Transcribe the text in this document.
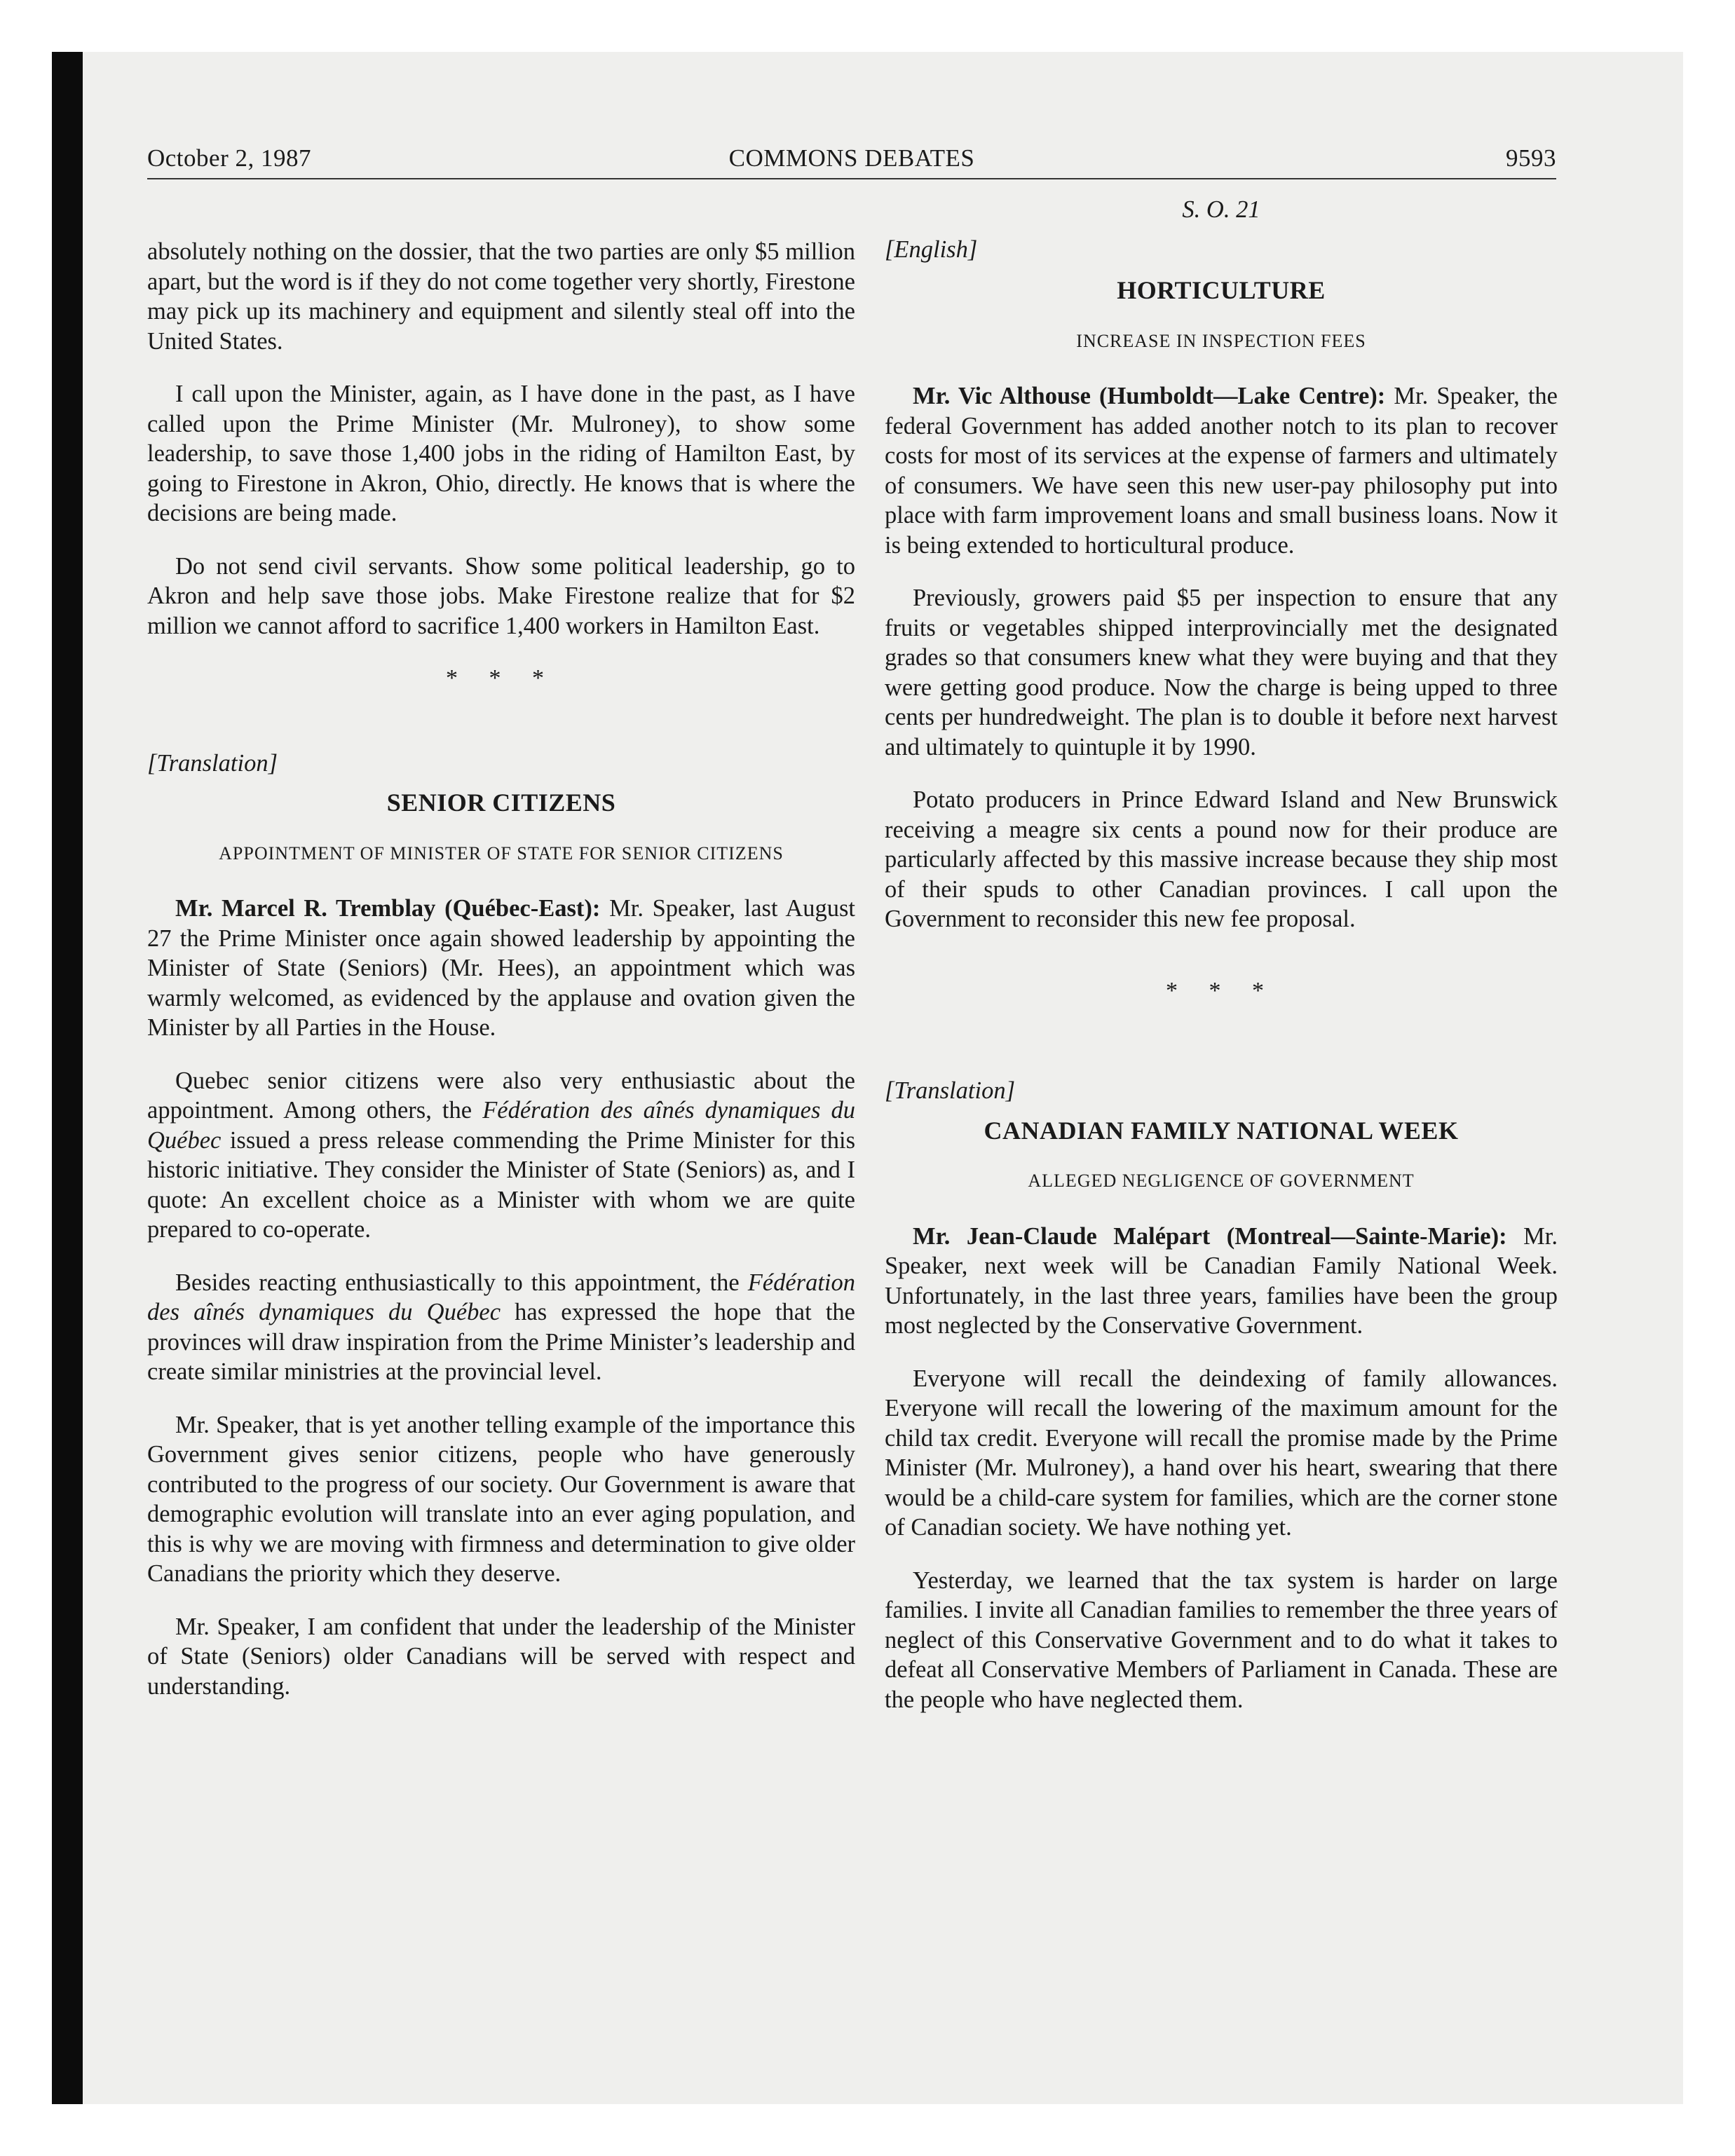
October 2, 1987	COMMONS DEBATES	9593

absolutely nothing on the dossier, that the two parties are only $5 million apart, but the word is if they do not come together very shortly, Firestone may pick up its machinery and equipment and silently steal off into the United States.

I call upon the Minister, again, as I have done in the past, as I have called upon the Prime Minister (Mr. Mulroney), to show some leadership, to save those 1,400 jobs in the riding of Hamilton East, by going to Firestone in Akron, Ohio, directly. He knows that is where the decisions are being made.

Do not send civil servants. Show some political leadership, go to Akron and help save those jobs. Make Firestone realize that for $2 million we cannot afford to sacrifice 1,400 workers in Hamilton East.

* * *

[Translation]

SENIOR CITIZENS
APPOINTMENT OF MINISTER OF STATE FOR SENIOR CITIZENS

Mr. Marcel R. Tremblay (Québec-East): Mr. Speaker, last August 27 the Prime Minister once again showed leadership by appointing the Minister of State (Seniors) (Mr. Hees), an appointment which was warmly welcomed, as evidenced by the applause and ovation given the Minister by all Parties in the House.

Quebec senior citizens were also very enthusiastic about the appointment. Among others, the Fédération des aînés dynamiques du Québec issued a press release commending the Prime Minister for this historic initiative. They consider the Minister of State (Seniors) as, and I quote: An excellent choice as a Minister with whom we are quite prepared to co-operate.

Besides reacting enthusiastically to this appointment, the Fédération des aînés dynamiques du Québec has expressed the hope that the provinces will draw inspiration from the Prime Minister’s leadership and create similar ministries at the provincial level.

Mr. Speaker, that is yet another telling example of the importance this Government gives senior citizens, people who have generously contributed to the progress of our society. Our Government is aware that demographic evolution will translate into an ever aging population, and this is why we are moving with firmness and determination to give older Canadians the priority which they deserve.

Mr. Speaker, I am confident that under the leadership of the Minister of State (Seniors) older Canadians will be served with respect and understanding.

S. O. 21

[English]

HORTICULTURE
INCREASE IN INSPECTION FEES

Mr. Vic Althouse (Humboldt—Lake Centre): Mr. Speaker, the federal Government has added another notch to its plan to recover costs for most of its services at the expense of farmers and ultimately of consumers. We have seen this new user-pay philosophy put into place with farm improvement loans and small business loans. Now it is being extended to horticultural produce.

Previously, growers paid $5 per inspection to ensure that any fruits or vegetables shipped interprovincially met the designated grades so that consumers knew what they were buying and that they were getting good produce. Now the charge is being upped to three cents per hundredweight. The plan is to double it before next harvest and ultimately to quintuple it by 1990.

Potato producers in Prince Edward Island and New Brunswick receiving a meagre six cents a pound now for their produce are particularly affected by this massive increase because they ship most of their spuds to other Canadian provinces. I call upon the Government to reconsider this new fee proposal.

* * *

[Translation]

CANADIAN FAMILY NATIONAL WEEK
ALLEGED NEGLIGENCE OF GOVERNMENT

Mr. Jean-Claude Malépart (Montreal—Sainte-Marie): Mr. Speaker, next week will be Canadian Family National Week. Unfortunately, in the last three years, families have been the group most neglected by the Conservative Government.

Everyone will recall the deindexing of family allowances. Everyone will recall the lowering of the maximum amount for the child tax credit. Everyone will recall the promise made by the Prime Minister (Mr. Mulroney), a hand over his heart, swearing that there would be a child-care system for families, which are the corner stone of Canadian society. We have nothing yet.

Yesterday, we learned that the tax system is harder on large families. I invite all Canadian families to remember the three years of neglect of this Conservative Government and to do what it takes to defeat all Conservative Members of Parliament in Canada. These are the people who have neglected them.
